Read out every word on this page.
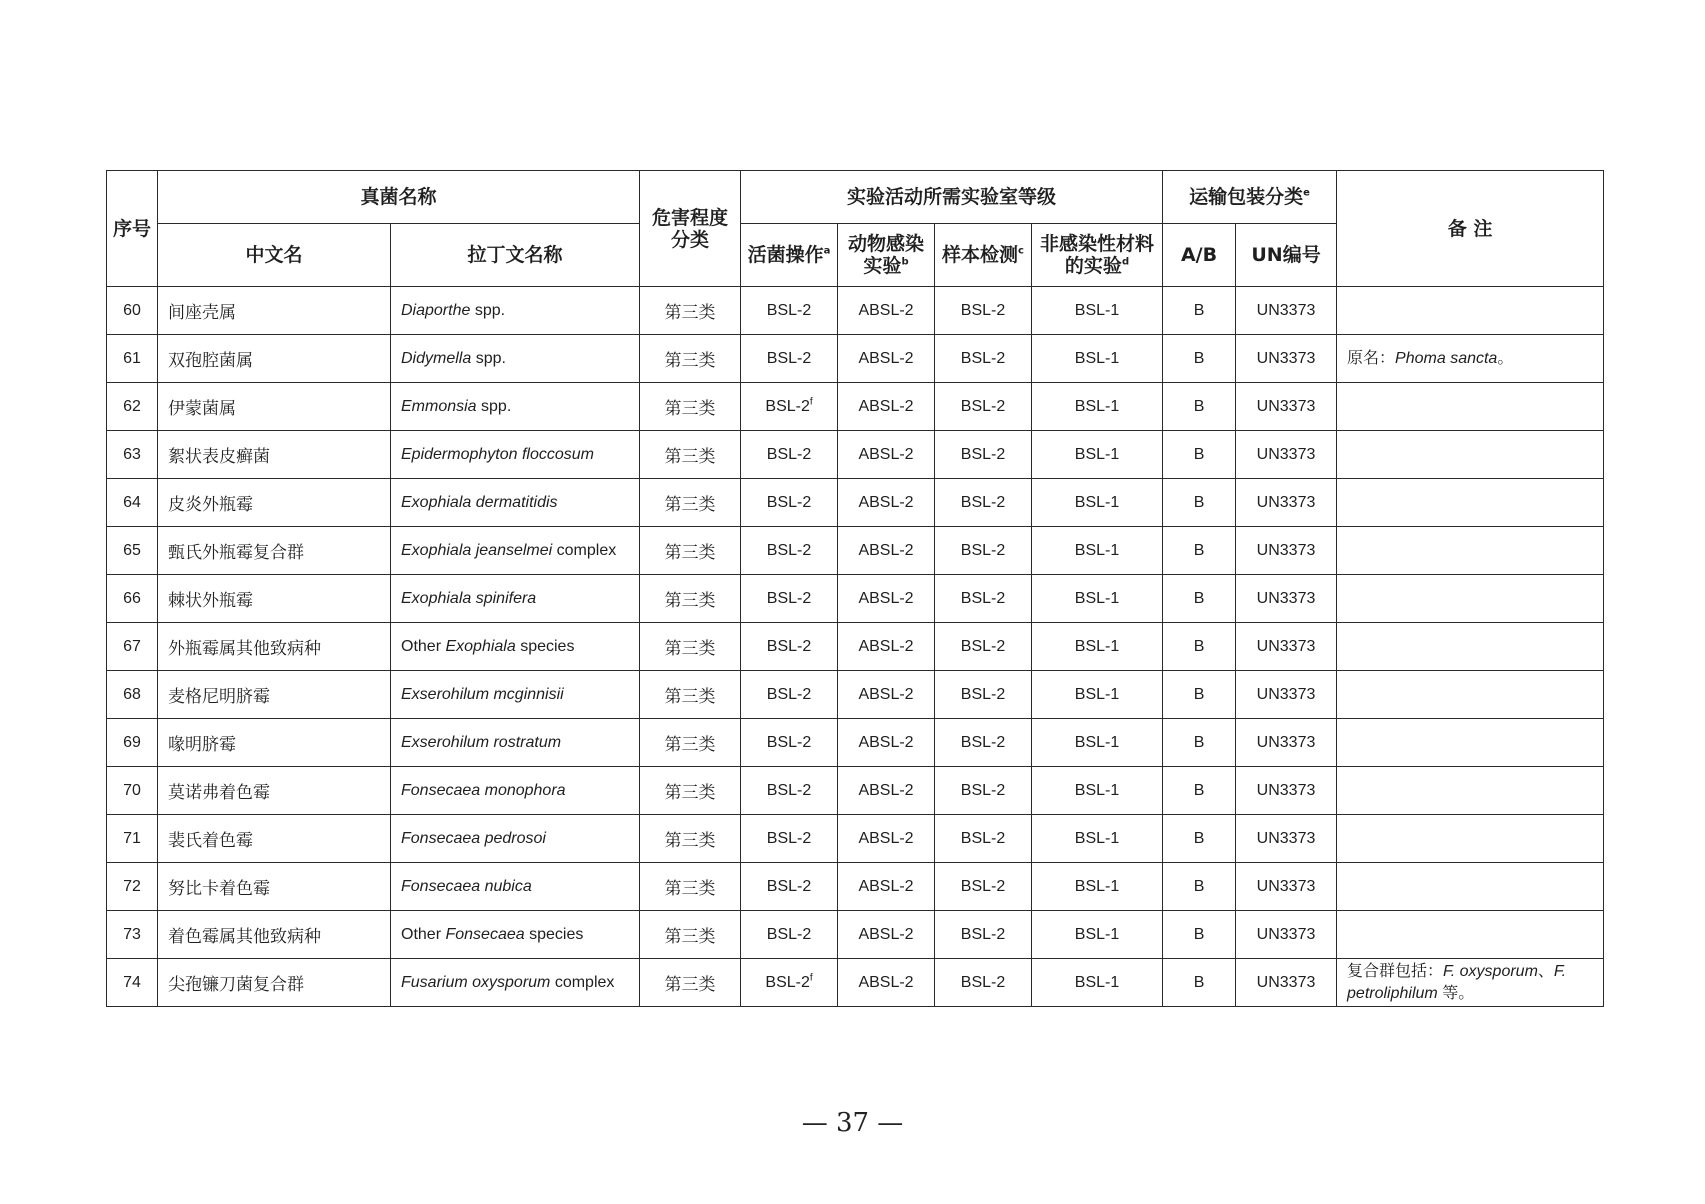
序号	真菌名称		危害程度分类	实验活动所需实验室等级				运输包装分类$^e$		备 注
	中文名	拉丁文名称		活菌操作$^a$	动物感染实验$^b$	样本检测$^c$	非感染性材料的实验$^d$	A/B	UN编号	
60	间座壳属	Diaporthe spp.	第三类	BSL-2	ABSL-2	BSL-2	BSL-1	B	UN3373	
61	双孢腔菌属	Didymella spp.	第三类	BSL-2	ABSL-2	BSL-2	BSL-1	B	UN3373	原名：Phoma sancta。
62	伊蒙菌属	Emmonsia spp.	第三类	BSL-2$^f$	ABSL-2	BSL-2	BSL-1	B	UN3373	
63	絮状表皮癣菌	Epidermophyton floccosum	第三类	BSL-2	ABSL-2	BSL-2	BSL-1	B	UN3373	
64	皮炎外瓶霉	Exophiala dermatitidis	第三类	BSL-2	ABSL-2	BSL-2	BSL-1	B	UN3373	
65	甄氏外瓶霉复合群	Exophiala jeanselmei complex	第三类	BSL-2	ABSL-2	BSL-2	BSL-1	B	UN3373	
66	棘状外瓶霉	Exophiala spinifera	第三类	BSL-2	ABSL-2	BSL-2	BSL-1	B	UN3373	
67	外瓶霉属其他致病种	Other Exophiala species	第三类	BSL-2	ABSL-2	BSL-2	BSL-1	B	UN3373	
68	麦格尼明脐霉	Exserohilum mcginnisii	第三类	BSL-2	ABSL-2	BSL-2	BSL-1	B	UN3373	
69	喙明脐霉	Exserohilum rostratum	第三类	BSL-2	ABSL-2	BSL-2	BSL-1	B	UN3373	
70	莫诺弗着色霉	Fonsecaea monophora	第三类	BSL-2	ABSL-2	BSL-2	BSL-1	B	UN3373	
71	裴氏着色霉	Fonsecaea pedrosoi	第三类	BSL-2	ABSL-2	BSL-2	BSL-1	B	UN3373	
72	努比卡着色霉	Fonsecaea nubica	第三类	BSL-2	ABSL-2	BSL-2	BSL-1	B	UN3373	
73	着色霉属其他致病种	Other Fonsecaea species	第三类	BSL-2	ABSL-2	BSL-2	BSL-1	B	UN3373	
74	尖孢镰刀菌复合群	Fusarium oxysporum complex	第三类	BSL-2$^f$	ABSL-2	BSL-2	BSL-1	B	UN3373	复合群包括：F. oxysporum、F. petroliphilum 等。
— 37 —
